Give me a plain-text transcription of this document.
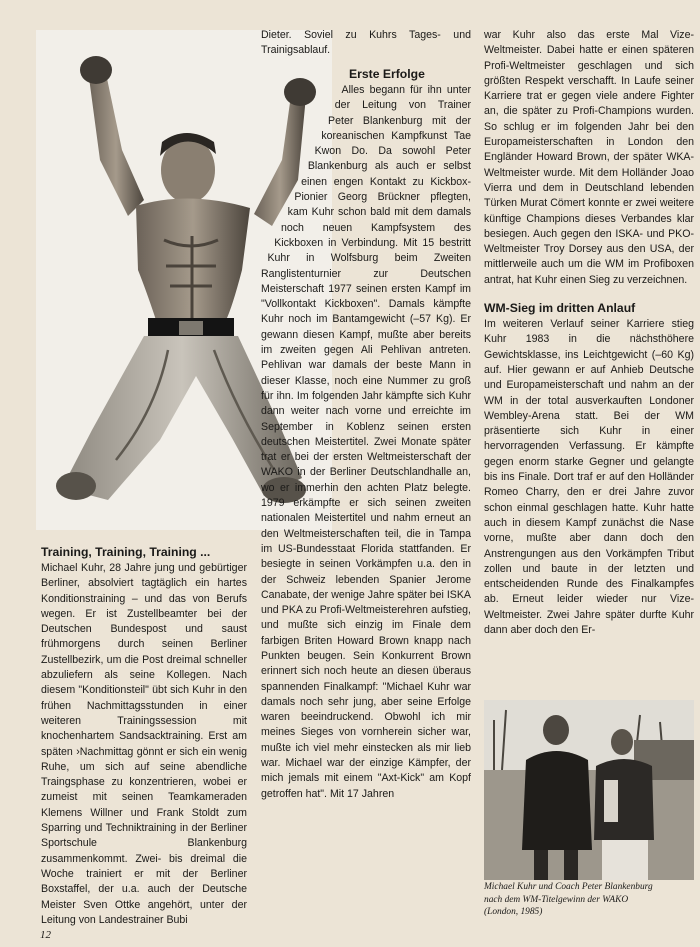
Training, Training, Training ...

Michael Kuhr, 28 Jahre jung und gebürtiger Berliner, absolviert tagtäglich ein hartes Konditionstraining – und das von Berufs wegen. Er ist Zustellbeamter bei der Deutschen Bundespost und saust frühmorgens durch seinen Berliner Zustellbezirk, um die Post dreimal schneller abzuliefern als seine Kollegen. Nach diesem "Konditionsteil" übt sich Kuhr in den frühen Nachmittagsstunden in einer weiteren Trainingssession mit knochenhartem Sandsacktraining. Erst am späten ›Nachmittag gönnt er sich ein wenig Ruhe, um sich auf seine abendliche Traingsphase zu konzentrieren, wobei er zumeist mit seinen Teamkameraden Klemens Willner und Frank Stoldt zum Sparring und Techniktraining in der Berliner Sportschule Blankenburg zusammenkommt. Zwei- bis dreimal die Woche trainiert er mit der Berliner Boxstaffel, der u.a. auch der Deutsche Meister Sven Ottke angehört, unter der Leitung von Landestrainer Bubi

Dieter. Soviel zu Kuhrs Tages- und Trainigsablauf.

Erste Erfolge

Alles begann für ihn unter der Leitung von Trainer Peter Blankenburg mit der koreanischen Kampfkunst Tae Kwon Do. Da sowohl Peter Blankenburg als auch er selbst einen engen Kontakt zu Kickbox-Pionier Georg Brückner pflegten, kam Kuhr schon bald mit dem damals noch neuen Kampfsystem des Kickboxen in Verbindung. Mit 15 bestritt Kuhr in Wolfsburg beim Zweiten Ranglistenturnier zur Deutschen Meisterschaft 1977 seinen ersten Kampf im "Vollkontakt Kickboxen". Damals kämpfte Kuhr noch im Bantamgewicht (–57 Kg). Er gewann diesen Kampf, mußte aber bereits im zweiten gegen Ali Pehlivan antreten. Pehlivan war damals der beste Mann in dieser Klasse, noch eine Nummer zu groß für ihn. Im folgenden Jahr kämpfte sich Kuhr dann weiter nach vorne und erreichte im September in Koblenz seinen ersten deutschen Meistertitel. Zwei Monate später trat er bei der ersten Weltmeisterschaft der WAKO in der Berliner Deutschlandhalle an, wo er immerhin den achten Platz belegte. 1979 erkämpfte er sich seinen zweiten nationalen Meistertitel und nahm erneut an den Weltmeisterschaften teil, die in Tampa im US-Bundesstaat Florida stattfanden. Er besiegte in seinen Vorkämpfen u.a. den in der Schweiz lebenden Spanier Jerome Canabate, der wenige Jahre später bei ISKA und PKA zu Profi-Weltmeisterehren aufstieg, und mußte sich einzig im Finale dem farbigen Briten Howard Brown knapp nach Punkten beugen. Sein Konkurrent Brown erinnert sich noch heute an diesen überaus spannenden Finalkampf: "Michael Kuhr war damals noch sehr jung, aber seine Erfolge waren beeindruckend. Obwohl ich mir meines Sieges von vornherein sicher war, mußte ich viel mehr einstecken als mir lieb war. Michael war der einzige Kämpfer, der mich jemals mit einem "Axt-Kick" am Kopf getroffen hat". Mit 17 Jahren

war Kuhr also das erste Mal Vize-Weltmeister. Dabei hatte er einen späteren Profi-Weltmeister geschlagen und sich größten Respekt verschafft. In Laufe seiner Karriere trat er gegen viele andere Fighter an, die später zu Profi-Champions wurden. So schlug er im folgenden Jahr bei den Europameisterschaften in London den Engländer Howard Brown, der später WKA-Weltmeister wurde. Mit dem Holländer Joao Vierra und dem in Deutschland lebenden Türken Murat Cömert konnte er zwei weitere künftige Champions dieses Verbandes klar besiegen. Auch gegen den ISKA- und PKO-Weltmeister Troy Dorsey aus den USA, der mittlerweile auch um die WM im Profiboxen antrat, hat Kuhr einen Sieg zu verzeichnen.

WM-Sieg im dritten Anlauf

Im weiteren Verlauf seiner Karriere stieg Kuhr 1983 in die nächsthöhere Gewichtsklasse, ins Leichtgewicht (–60 Kg) auf. Hier gewann er auf Anhieb Deutsche und Europameisterschaft und nahm an der WM in der total ausverkauften Londoner Wembley-Arena statt. Bei der WM präsentierte sich Kuhr in einer hervorragenden Verfassung. Er kämpfte gegen enorm starke Gegner und gelangte bis ins Finale. Dort traf er auf den Holländer Romeo Charry, den er drei Jahre zuvor schon einmal geschlagen hatte. Kuhr hatte auch in diesem Kampf zunächst die Nase vorne, mußte aber dann doch den Anstrengungen aus den Vorkämpfen Tribut zollen und baute in der letzten und entscheidenden Runde des Finalkampfes ab. Erneut leider wieder nur Vize-Weltmeister. Zwei Jahre später durfte Kuhr dann aber doch den Er-

Michael Kuhr und Coach Peter Blankenburg

nach dem WM-Titelgewinn der WAKO

(London, 1985)

12
